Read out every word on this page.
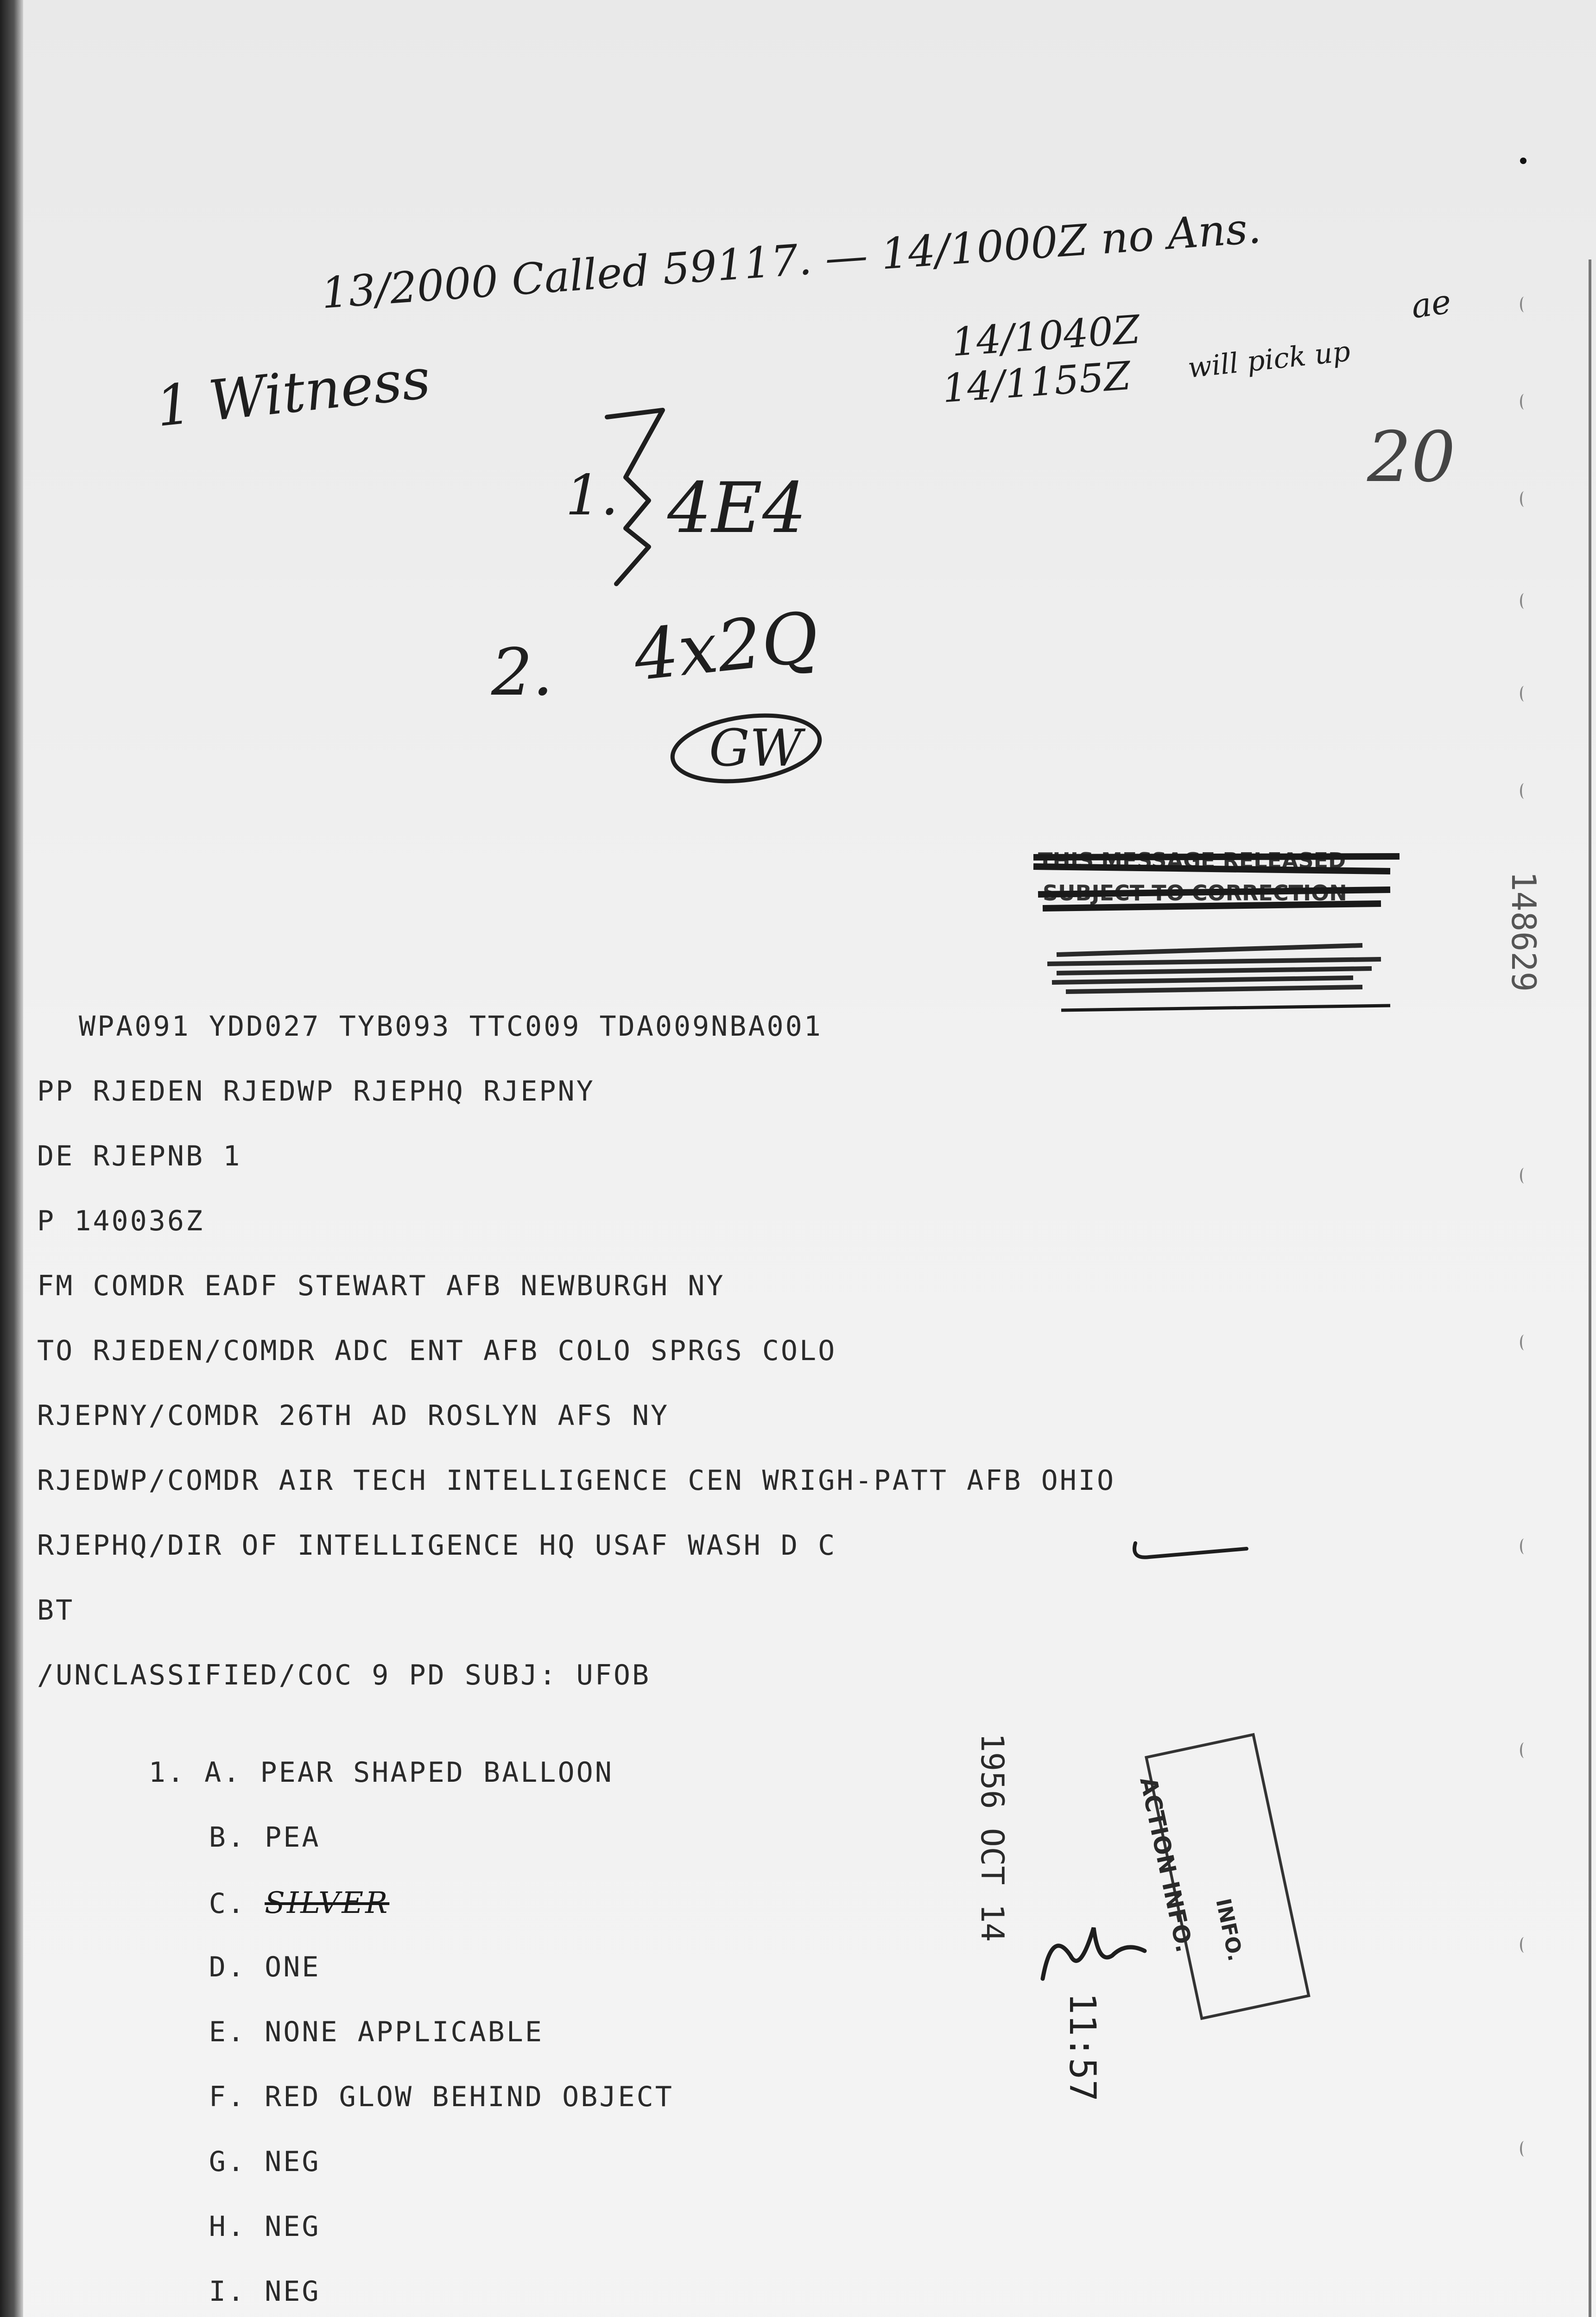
13/2000 Called 59117. — 14/1000Z no Ans.
14/1040Z
14/1155Z will pick up
ae
20
1 Witness
1. 4E4
2. 4x2Q
GW
THIS MESSAGE RELEASED
SUBJECT TO CORRECTION	148629
WPA091 YDD027 TYB093 TTC009 TDA009NBA001
PP RJEDEN RJEDWP RJEPHQ RJEPNY
DE RJEPNB 1
P 140036Z
FM COMDR EADF STEWART AFB NEWBURGH NY
TO RJEDEN/COMDR ADC ENT AFB COLO SPRGS COLO
RJEPNY/COMDR 26TH AD ROSLYN AFS NY
RJEDWP/COMDR AIR TECH INTELLIGENCE CEN WRIGH-PATT AFB OHIO
RJEPHQ/DIR OF INTELLIGENCE HQ USAF WASH D C
BT
/UNCLASSIFIED/COC 9 PD SUBJ: UFOB

1. A. PEAR SHAPED BALLOON

B. PEA

C. SILVER

D. ONE

E. NONE APPLICABLE

F. RED GLOW BEHIND OBJECT

G. NEG

H. NEG

I. NEG

1956 OCT 14	ACTION INFO. INFO.
11:57
